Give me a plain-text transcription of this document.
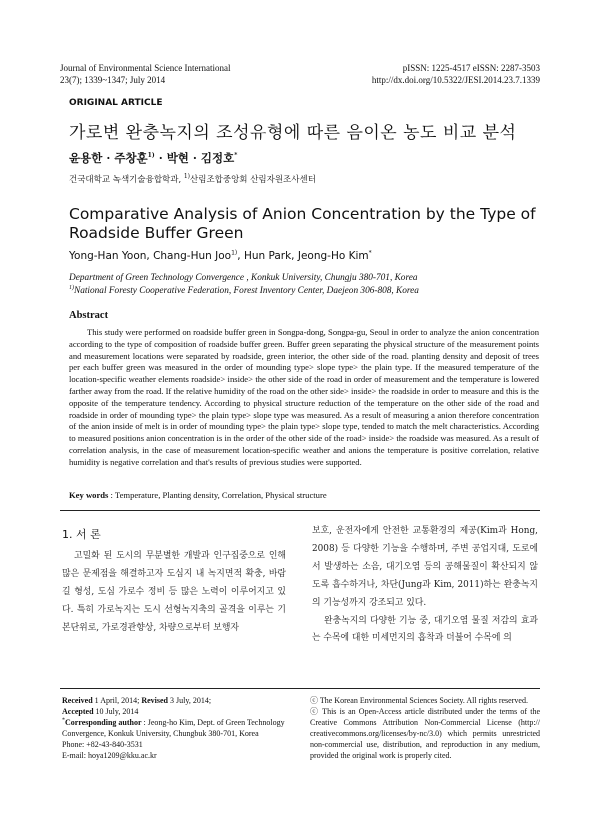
Journal of Environmental Science International
23(7); 1339~1347; July 2014
pISSN: 1225-4517 eISSN: 2287-3503
http://dx.doi.org/10.5322/JESI.2014.23.7.1339
ORIGINAL ARTICLE
가로변 완충녹지의 조성유형에 따른 음이온 농도 비교 분석
윤용한 · 주창훈$^{1)}$ · 박현 · 김정호*
건국대학교 녹색기술융합학과, $^{1)}$산림조합중앙회 산림자원조사센터
Comparative Analysis of Anion Concentration by the Type of Roadside Buffer Green
Yong-Han Yoon, Chang-Hun Joo$^{1)}$, Hun Park, Jeong-Ho Kim*
Department of Green Technology Convergence , Konkuk University, Chungju 380-701, Korea
$^{1)}$National Foresty Cooperative Federation, Forest Inventory Center, Daejeon 306-808, Korea
Abstract
This study were performed on roadside buffer green in Songpa-dong, Songpa-gu, Seoul in order to analyze the anion concentration according to the type of composition of roadside buffer green. Buffer green separating the physical structure of the measurement points and measurement locations were separated by roadside, green interior, the other side of the road. planting density and deposit of trees per each buffer green was measured in the order of mounding type> slope type> the plain type. If the measured temperature of the location-specific weather elements roadside> inside> the other side of the road in order of measurement and the temperature is lowered farther away from the road. If the relative humidity of the road on the other side> inside> the roadside in order to measure and this is the opposite of the temperature tendency. According to physical structure reduction of the temperature on the other side of the road and roadside in order of mounding type> the plain type> slope type was measured. As a result of measuring a anion therefore concentration of the anion inside of melt is in order of mounding type> the plain type> slope type, tended to match the melt characteristics. According to measured positions anion concentration is in the order of the other side of the road> inside> the roadside was measured. As a result of correlation analysis, in the case of measurement location-specific weather and anions the temperature is positive correlation, relative humidity is negative correlation and that's results of previous studies were supported.
Key words : Temperature, Planting density, Correlation, Physical structure
1. 서 론
고밀화 된 도시의 무분별한 개발과 인구집중으로 인해 많은 문제점을 해결하고자 도심지 내 녹지면적 확충, 바람길 형성, 도심 가로수 정비 등 많은 노력이 이루어지고 있다. 특히 가로녹지는 도시 선형녹지축의 골격을 이루는 기본단위로, 가로경관향상, 차량으로부터 보행자

보호, 운전자에게 안전한 교통환경의 제공(Kim과 Hong, 2008) 등 다양한 기능을 수행하며, 주변 공업지대, 도로에서 발생하는 소음, 대기오염 등의 공해물질이 확산되지 않도록 흡수하거나, 차단(Jung과 Kim, 2011)하는 완충녹지의 기능성까지 강조되고 있다.

완충녹지의 다양한 기능 중, 대기오염 물질 저감의 효과는 수목에 대한 미세먼지의 흡착과 더불어 수목에 의

Received 1 April, 2014; Revised 3 July, 2014;
Accepted 10 July, 2014
*Corresponding author : Jeong-ho Kim, Dept. of Green Technology Convergence, Konkuk University, Chungbuk 380-701, Korea
Phone: +82-43-840-3531
E-mail: hoya1209@kku.ac.kr
ⓒ The Korean Environmental Sciences Society. All rights reserved.
ⓒ This is an Open-Access article distributed under the terms of the Creative Commons Attribution Non-Commercial License (http:// creativecommons.org/licenses/by-nc/3.0) which permits unrestricted non-commercial use, distribution, and reproduction in any medium, provided the original work is properly cited.
